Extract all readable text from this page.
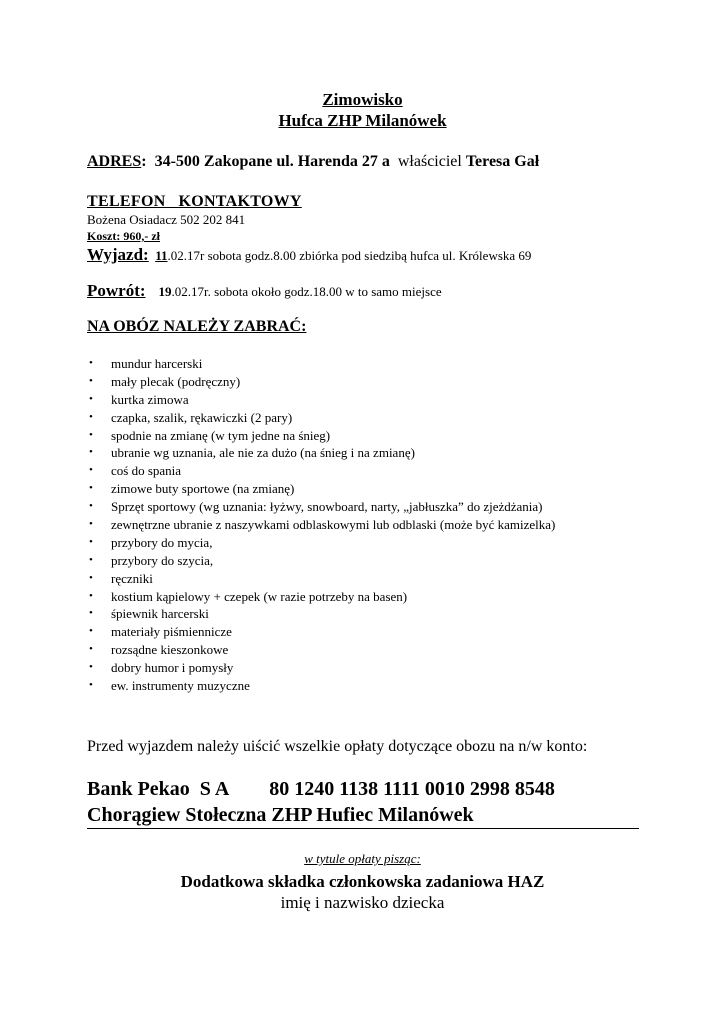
Zimowisko
Hufca ZHP Milanówek
ADRES: 34-500 Zakopane ul. Harenda 27 a właściciel Teresa Gał
TELEFON   KONTAKTOWY
Bożena Osiadacz 502 202 841
Koszt: 960,- zł
Wyjazd: 11.02.17r sobota godz.8.00 zbiórka pod siedzibą hufca ul. Królewska 69
Powrót: 19.02.17r. sobota około godz.18.00 w to samo miejsce
NA OBÓZ NALEŻY ZABRAĆ:
• mundur harcerski
• mały plecak (podręczny)
• kurtka zimowa
• czapka, szalik, rękawiczki (2 pary)
• spodnie na zmianę (w tym jedne na śnieg)
• ubranie wg uznania, ale nie za dużo (na śnieg i na zmianę)
• coś do spania
• zimowe buty sportowe (na zmianę)
• Sprzęt sportowy (wg uznania: łyżwy, snowboard, narty, „jabłuszka” do zjeżdżania)
• zewnętrzne ubranie z naszywkami odblaskowymi lub odblaski (może być kamizelka)
• przybory do mycia,
• przybory do szycia,
• ręczniki
• kostium kąpielowy + czepek (w razie potrzeby na basen)
• śpiewnik harcerski
• materiały piśmiennicze
• rozsądne kieszonkowe
• dobry humor i pomysły
• ew. instrumenty muzyczne
Przed wyjazdem należy uiścić wszelkie opłaty dotyczące obozu na n/w konto:
Bank Pekao  S A 80 1240 1138 1111 0010 2998 8548
Chorągiew Stołeczna ZHP Hufiec Milanówek
w tytule opłaty pisząc:
Dodatkowa składka członkowska zadaniowa HAZ
imię i nazwisko dziecka
